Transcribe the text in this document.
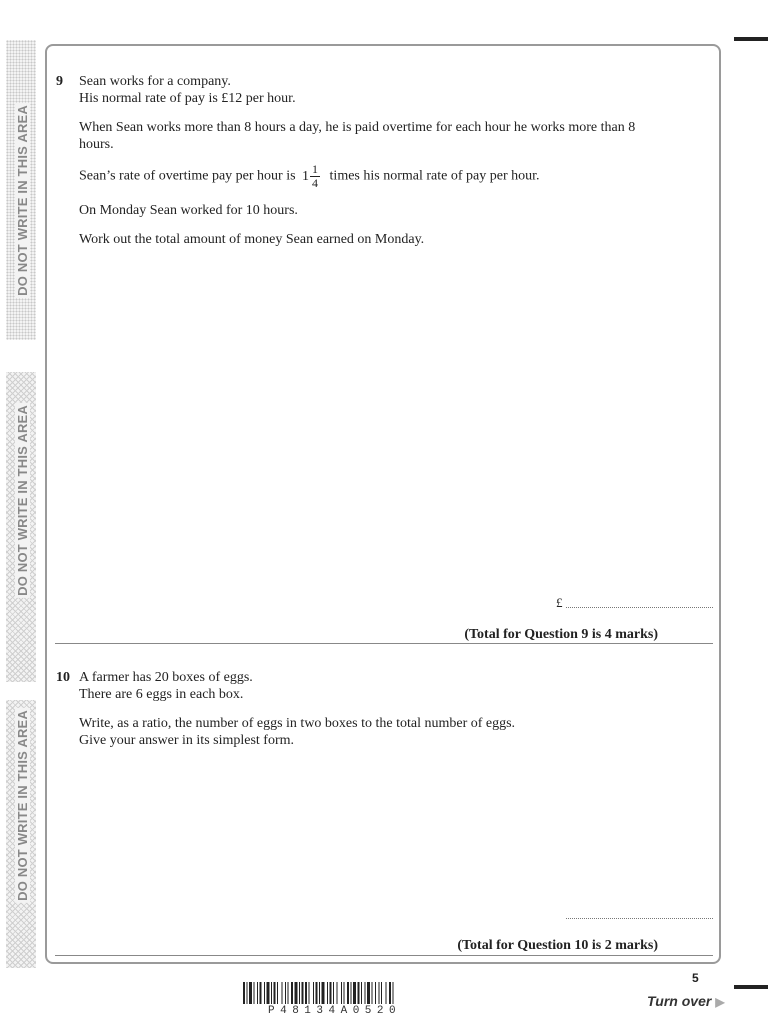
DO NOT WRITE IN THIS AREA
DO NOT WRITE IN THIS AREA
DO NOT WRITE IN THIS AREA
9 Sean works for a company.
His normal rate of pay is £12 per hour.

When Sean works more than 8 hours a day, he is paid overtime for each hour he works more than 8 hours.

Sean’s rate of overtime pay per hour is $1 \frac{1}{4}$ times his normal rate of pay per hour.

On Monday Sean worked for 10 hours.

Work out the total amount of money Sean earned on Monday.

£
(Total for Question 9 is 4 marks)
10 A farmer has 20 boxes of eggs.
There are 6 eggs in each box.

Write, as a ratio, the number of eggs in two boxes to the total number of eggs.
Give your answer in its simplest form.

(Total for Question 10 is 2 marks)
5
Turn over ▶
P48134A0520
